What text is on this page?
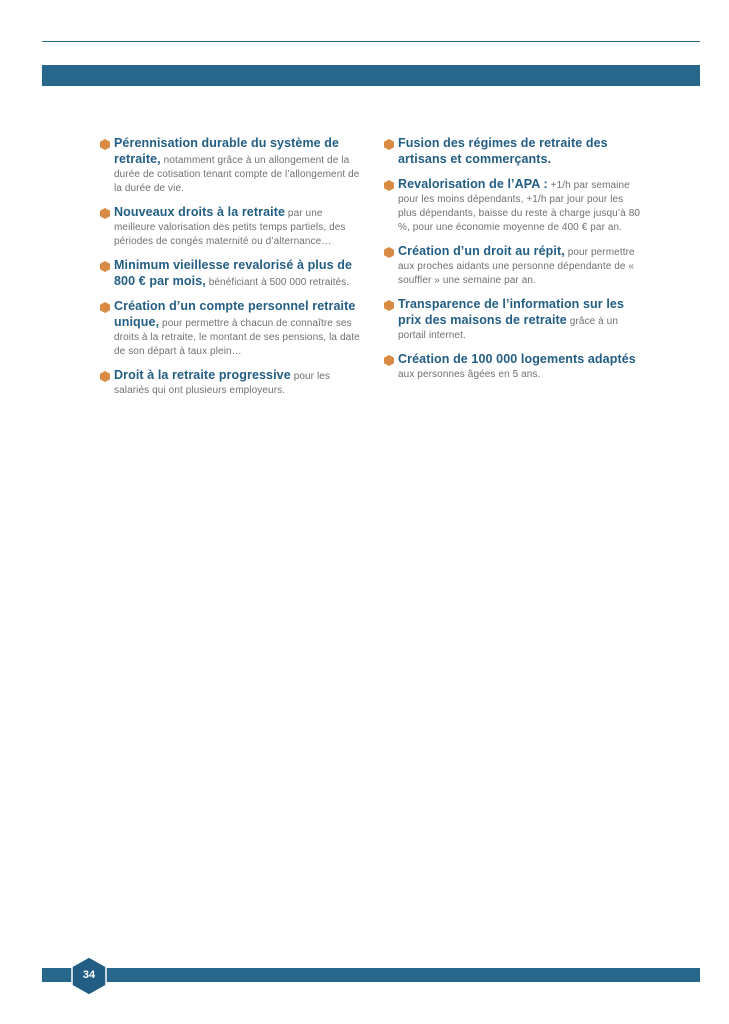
Pérennisation durable du système de retraite, notamment grâce à un allongement de la durée de cotisation tenant compte de l’allongement de la durée de vie.
Nouveaux droits à la retraite par une meilleure valorisation des petits temps partiels, des périodes de congés maternité ou d’alternance…
Minimum vieillesse revalorisé à plus de 800 € par mois, bénéficiant à 500 000 retraités.
Création d’un compte personnel retraite unique, pour permettre à chacun de connaître ses droits à la retraite, le montant de ses pensions, la date de son départ à taux plein…
Droit à la retraite progressive pour les salariés qui ont plusieurs employeurs.
Fusion des régimes de retraite des artisans et commerçants.
Revalorisation de l’APA : +1/h par semaine pour les moins dépendants, +1/h par jour pour les plus dépendants, baisse du reste à charge jusqu’à 80 %, pour une économie moyenne de 400 € par an.
Création d’un droit au répit, pour permettre aux proches aidants une personne dépendante de « souffler » une semaine par an.
Transparence de l’information sur les prix des maisons de retraite grâce à un portail internet.
Création de 100 000 logements adaptés aux personnes âgées en 5 ans.
34
